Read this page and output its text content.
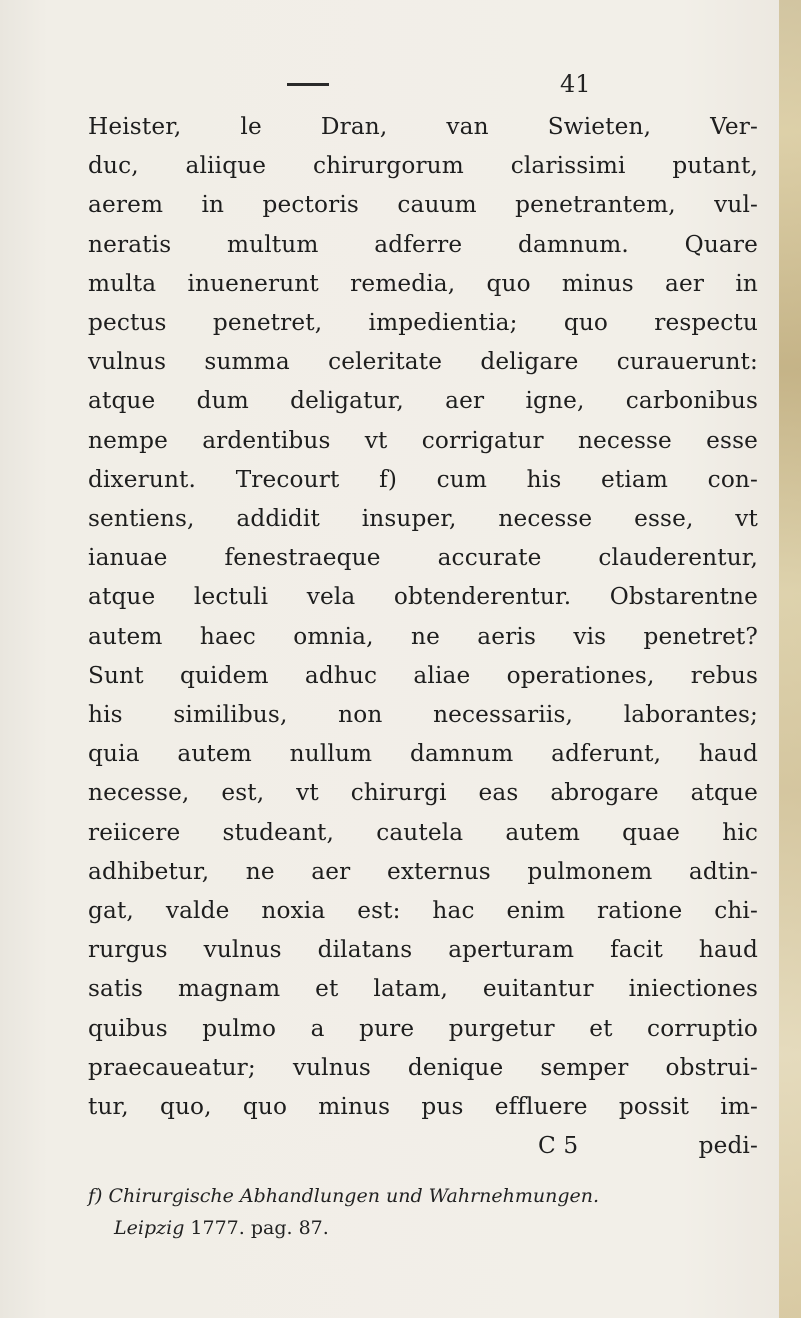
41
Heister, le Dran, van Swieten, Ver-
duc, aliique chirurgorum clarissimi putant,
aerem in pectoris cauum penetrantem, vul-
neratis multum adferre damnum. Quare
multa inuenerunt remedia, quo minus aer in
pectus penetret, impedientia; quo respectu
vulnus summa celeritate deligare curauerunt:
atque dum deligatur, aer igne, carbonibus
nempe ardentibus vt corrigatur necesse esse
dixerunt. Trecourt f) cum his etiam con-
sentiens, addidit insuper, necesse esse, vt
ianuae fenestraeque accurate clauderentur,
atque lectuli vela obtenderentur. Obstarentne
autem haec omnia, ne aeris vis penetret?
Sunt quidem adhuc aliae operationes, rebus
his similibus, non necessariis, laborantes;
quia autem nullum damnum adferunt, haud
necesse, est, vt chirurgi eas abrogare atque
reiicere studeant, cautela autem quae hic
adhibetur, ne aer externus pulmonem adtin-
gat, valde noxia est: hac enim ratione chi-
rurgus vulnus dilatans aperturam facit haud
satis magnam et latam, euitantur iniectiones
quibus pulmo a pure purgetur et corruptio
praecaueatur; vulnus denique semper obstrui-
tur, quo, quo minus pus effluere possit im-
C 5	pedi-
f) Chirurgische Abhandlungen und Wahrnehmungen.
Leipzig 1777. pag. 87.
